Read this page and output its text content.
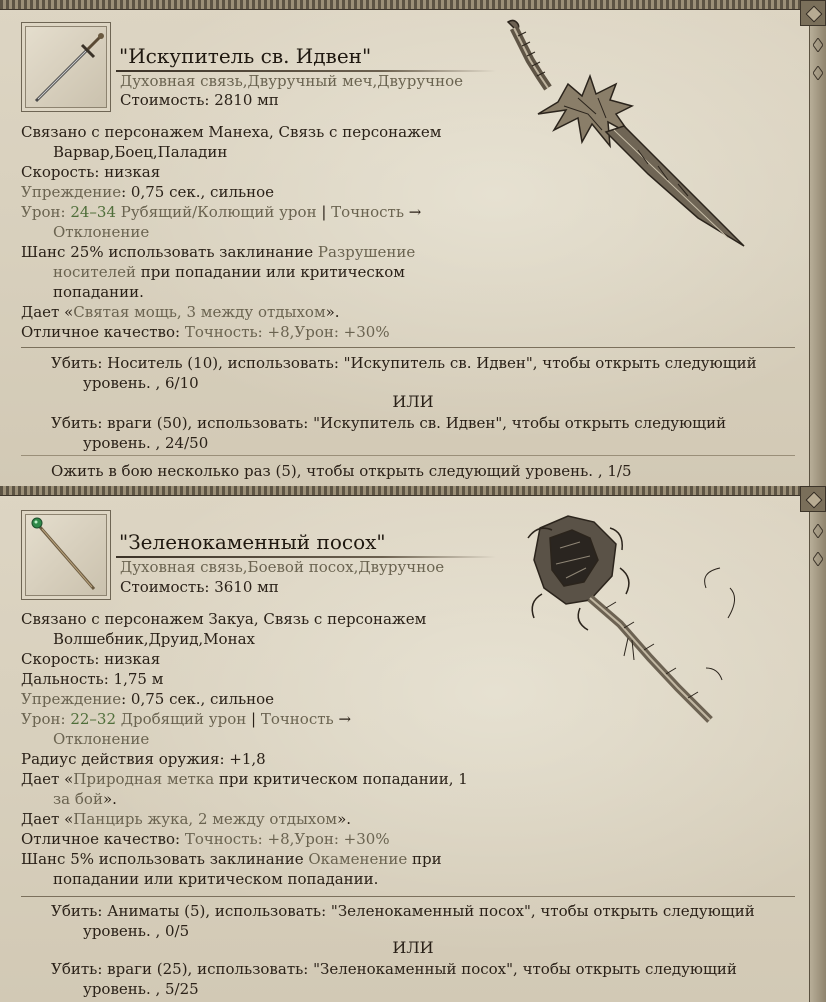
"Искупитель св. Идвен"
Духовная связь,Двуручный меч,Двуручное
Стоимость: 2810 мп
Связано с персонажем Манеха, Связь с персонажем
Варвар,Боец,Паладин
Скорость: низкая
Упреждение: 0,75 сек., сильное
Урон: 24–34 Рубящий/Колющий урон | Точность →
Отклонение
Шанс 25% использовать заклинание Разрушение
носителей при попадании или критическом
попадании.
Дает «Святая мощь, 3 между отдыхом».
Отличное качество: Точность: +8,Урон: +30%
Убить: Носитель (10), использовать: "Искупитель св. Идвен", чтобы открыть следующий
уровень. , 6/10
ИЛИ
Убить: враги (50), использовать: "Искупитель св. Идвен", чтобы открыть следующий
уровень. , 24/50
Ожить в бою несколько раз (5), чтобы открыть следующий уровень. , 1/5
"Зеленокаменный посох"
Духовная связь,Боевой посох,Двуручное
Стоимость: 3610 мп
Связано с персонажем Закуа, Связь с персонажем
Волшебник,Друид,Монах
Скорость: низкая
Дальность: 1,75 м
Упреждение: 0,75 сек., сильное
Урон: 22–32 Дробящий урон | Точность →
Отклонение
Радиус действия оружия: +1,8
Дает «Природная метка при критическом попадании, 1
за бой».
Дает «Панцирь жука, 2 между отдыхом».
Отличное качество: Точность: +8,Урон: +30%
Шанс 5% использовать заклинание Окаменение при
попадании или критическом попадании.
Убить: Аниматы (5), использовать: "Зеленокаменный посох", чтобы открыть следующий
уровень. , 0/5
ИЛИ
Убить: враги (25), использовать: "Зеленокаменный посох", чтобы открыть следующий
уровень. , 5/25
